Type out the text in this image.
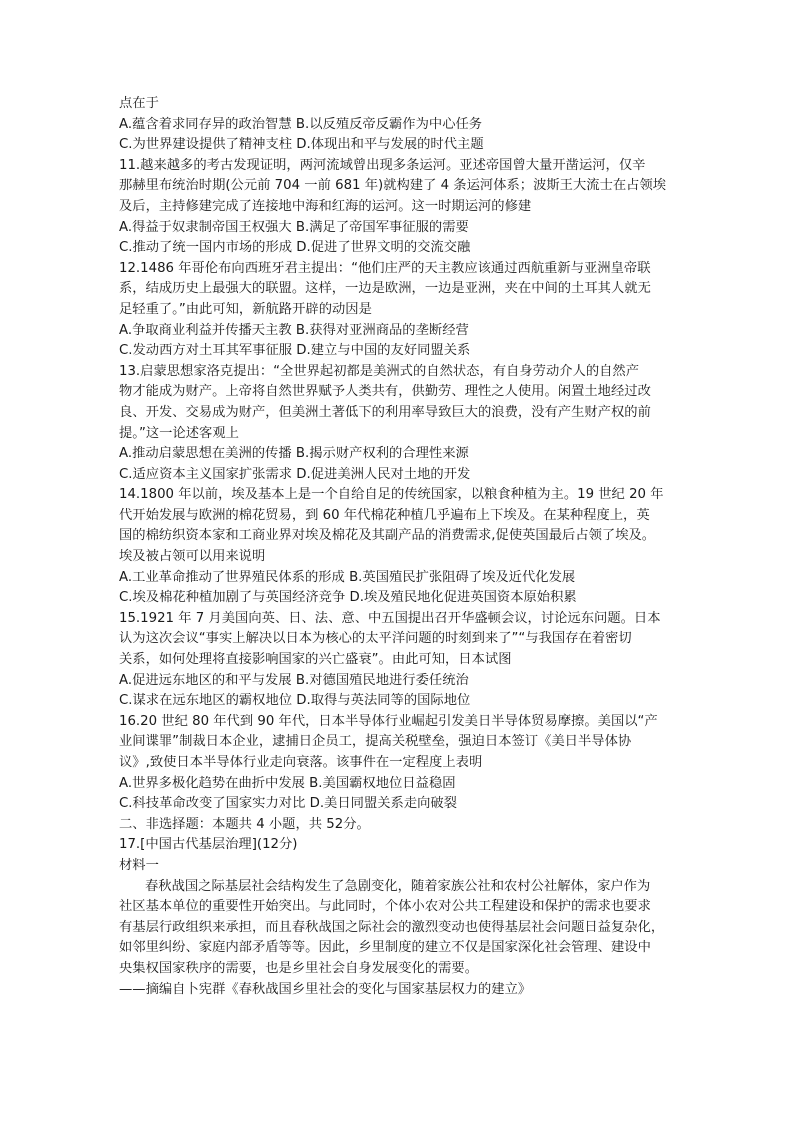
点在于
A.蕴含着求同存异的政治智慧 B.以反殖反帝反霸作为中心任务
C.为世界建设提供了精神支柱 D.体现出和平与发展的时代主题
11.越来越多的考古发现证明，两河流域曾出现多条运河。亚述帝国曾大量开凿运河，仅辛
那赫里布统治时期(公元前 704 一前 681 年)就构建了 4 条运河体系；波斯王大流士在占领埃
及后，主持修建完成了连接地中海和红海的运河。这一时期运河的修建
A.得益于奴隶制帝国王权强大 B.满足了帝国军事征服的需要
C.推动了统一国内市场的形成 D.促进了世界文明的交流交融
12.1486 年哥伦布向西班牙君主提出：“他们庄严的天主教应该通过西航重新与亚洲皇帝联
系，结成历史上最强大的联盟。这样，一边是欧洲，一边是亚洲，夹在中间的土耳其人就无
足轻重了。”由此可知，新航路开辟的动因是
A.争取商业利益并传播天主教 B.获得对亚洲商品的垄断经营
C.发动西方对土耳其军事征服 D.建立与中国的友好同盟关系
13.启蒙思想家洛克提出：“全世界起初都是美洲式的自然状态，有自身劳动介人的自然产
物才能成为财产。上帝将自然世界赋予人类共有，供勤劳、理性之人使用。闲置土地经过改
良、开发、交易成为财产，但美洲土著低下的利用率导致巨大的浪费，没有产生财产权的前
提。”这一论述客观上
A.推动启蒙思想在美洲的传播 B.揭示财产权利的合理性来源
C.适应资本主义国家扩张需求 D.促进美洲人民对土地的开发
14.1800 年以前，埃及基本上是一个自给自足的传统国家，以粮食种植为主。19 世纪 20 年
代开始发展与欧洲的棉花贸易，到 60 年代棉花种植几乎遍布上下埃及。在某种程度上，英
国的棉纺织资本家和工商业界对埃及棉花及其副产品的消费需求,促使英国最后占领了埃及。
埃及被占领可以用来说明
A.工业革命推动了世界殖民体系的形成 B.英国殖民扩张阻碍了埃及近代化发展
C.埃及棉花种植加剧了与英国经济竞争 D.埃及殖民地化促进英国资本原始积累
15.1921 年 7 月美国向英、日、法、意、中五国提出召开华盛顿会议，讨论远东问题。日本
认为这次会议“事实上解决以日本为核心的太平洋问题的时刻到来了”“与我国存在着密切
关系，如何处理将直接影响国家的兴亡盛衰”。由此可知，日本试图
A.促进远东地区的和平与发展 B.对德国殖民地进行委任统治
C.谋求在远东地区的霸权地位 D.取得与英法同等的国际地位
16.20 世纪 80 年代到 90 年代，日本半导体行业崛起引发美日半导体贸易摩擦。美国以“产
业间谍罪”制裁日本企业，逮捕日企员工，提高关税壁垒，强迫日本签订《美日半导体协
议》,致使日本半导体行业走向衰落。该事件在一定程度上表明
A.世界多极化趋势在曲折中发展 B.美国霸权地位日益稳固
C.科技革命改变了国家实力对比 D.美日同盟关系走向破裂
二、非选择题：本题共 4 小题，共 52分。
17.[中国古代基层治理](12分)
材料一
春秋战国之际基层社会结构发生了急剧变化，随着家族公社和农村公社解体，家户作为
社区基本单位的重要性开始突出。与此同时，个体小农对公共工程建设和保护的需求也要求
有基层行政组织来承担，而且春秋战国之际社会的激烈变动也使得基层社会问题日益复杂化，
如邻里纠纷、家庭内部矛盾等等。因此，乡里制度的建立不仅是国家深化社会管理、建设中
央集权国家秩序的需要，也是乡里社会自身发展变化的需要。
——摘编自卜宪群《春秋战国乡里社会的变化与国家基层权力的建立》
